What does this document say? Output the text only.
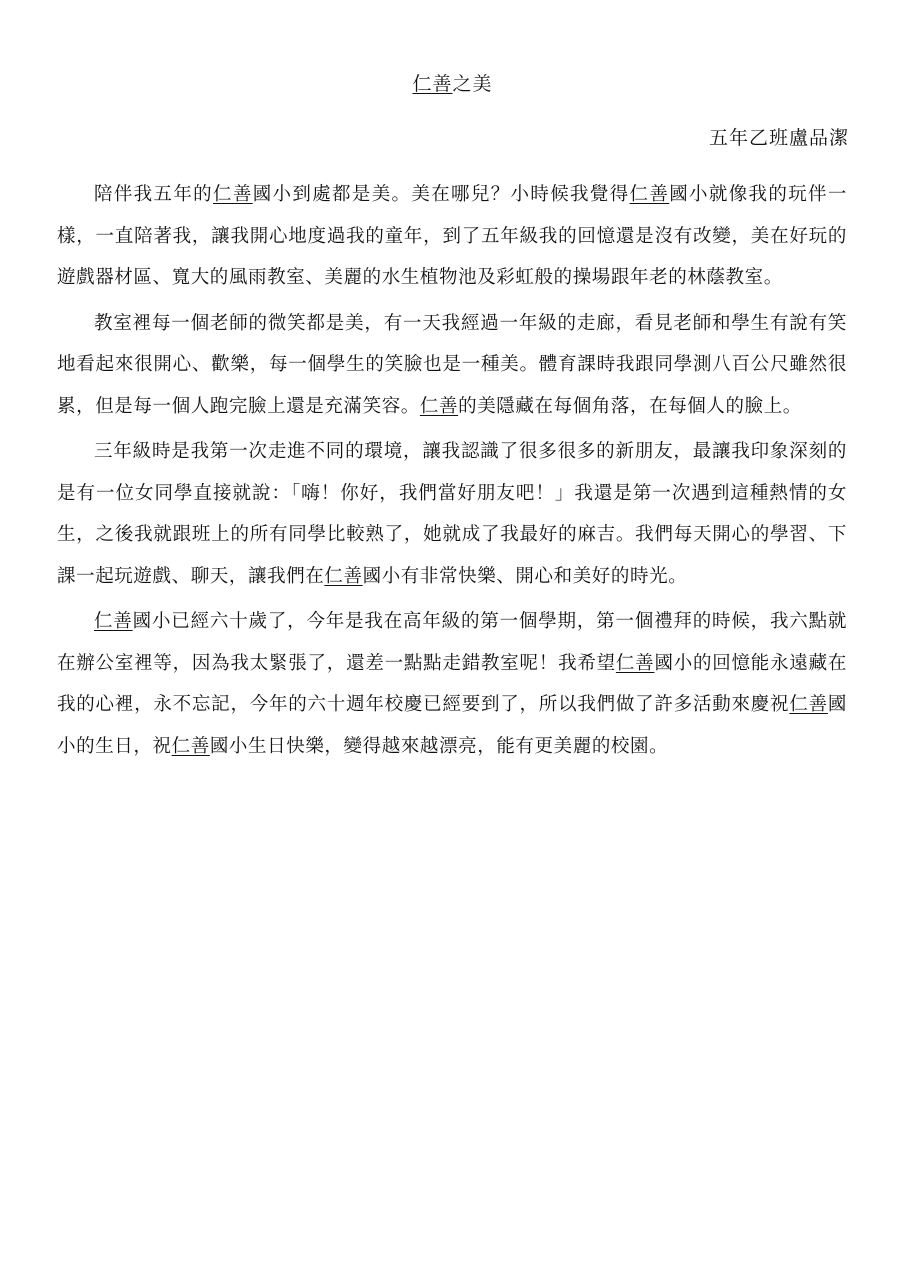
仁善之美
五年乙班盧品潔

陪伴我五年的仁善國小到處都是美。美在哪兒？小時候我覺得仁善國小就像我的玩伴一樣，一直陪著我，讓我開心地度過我的童年，到了五年級我的回憶還是沒有改變，美在好玩的遊戲器材區、寬大的風雨教室、美麗的水生植物池及彩虹般的操場跟年老的林蔭教室。

教室裡每一個老師的微笑都是美，有一天我經過一年級的走廊，看見老師和學生有說有笑地看起來很開心、歡樂，每一個學生的笑臉也是一種美。體育課時我跟同學測八百公尺雖然很累，但是每一個人跑完臉上還是充滿笑容。仁善的美隱藏在每個角落，在每個人的臉上。

三年級時是我第一次走進不同的環境，讓我認識了很多很多的新朋友，最讓我印象深刻的是有一位女同學直接就說：「嗨！你好，我們當好朋友吧！」我還是第一次遇到這種熱情的女生，之後我就跟班上的所有同學比較熟了，她就成了我最好的麻吉。我們每天開心的學習、下課一起玩遊戲、聊天，讓我們在仁善國小有非常快樂、開心和美好的時光。

仁善國小已經六十歲了，今年是我在高年級的第一個學期，第一個禮拜的時候，我六點就在辦公室裡等，因為我太緊張了，還差一點點走錯教室呢！我希望仁善國小的回憶能永遠藏在我的心裡，永不忘記，今年的六十週年校慶已經要到了，所以我們做了許多活動來慶祝仁善國小的生日，祝仁善國小生日快樂，變得越來越漂亮，能有更美麗的校園。
